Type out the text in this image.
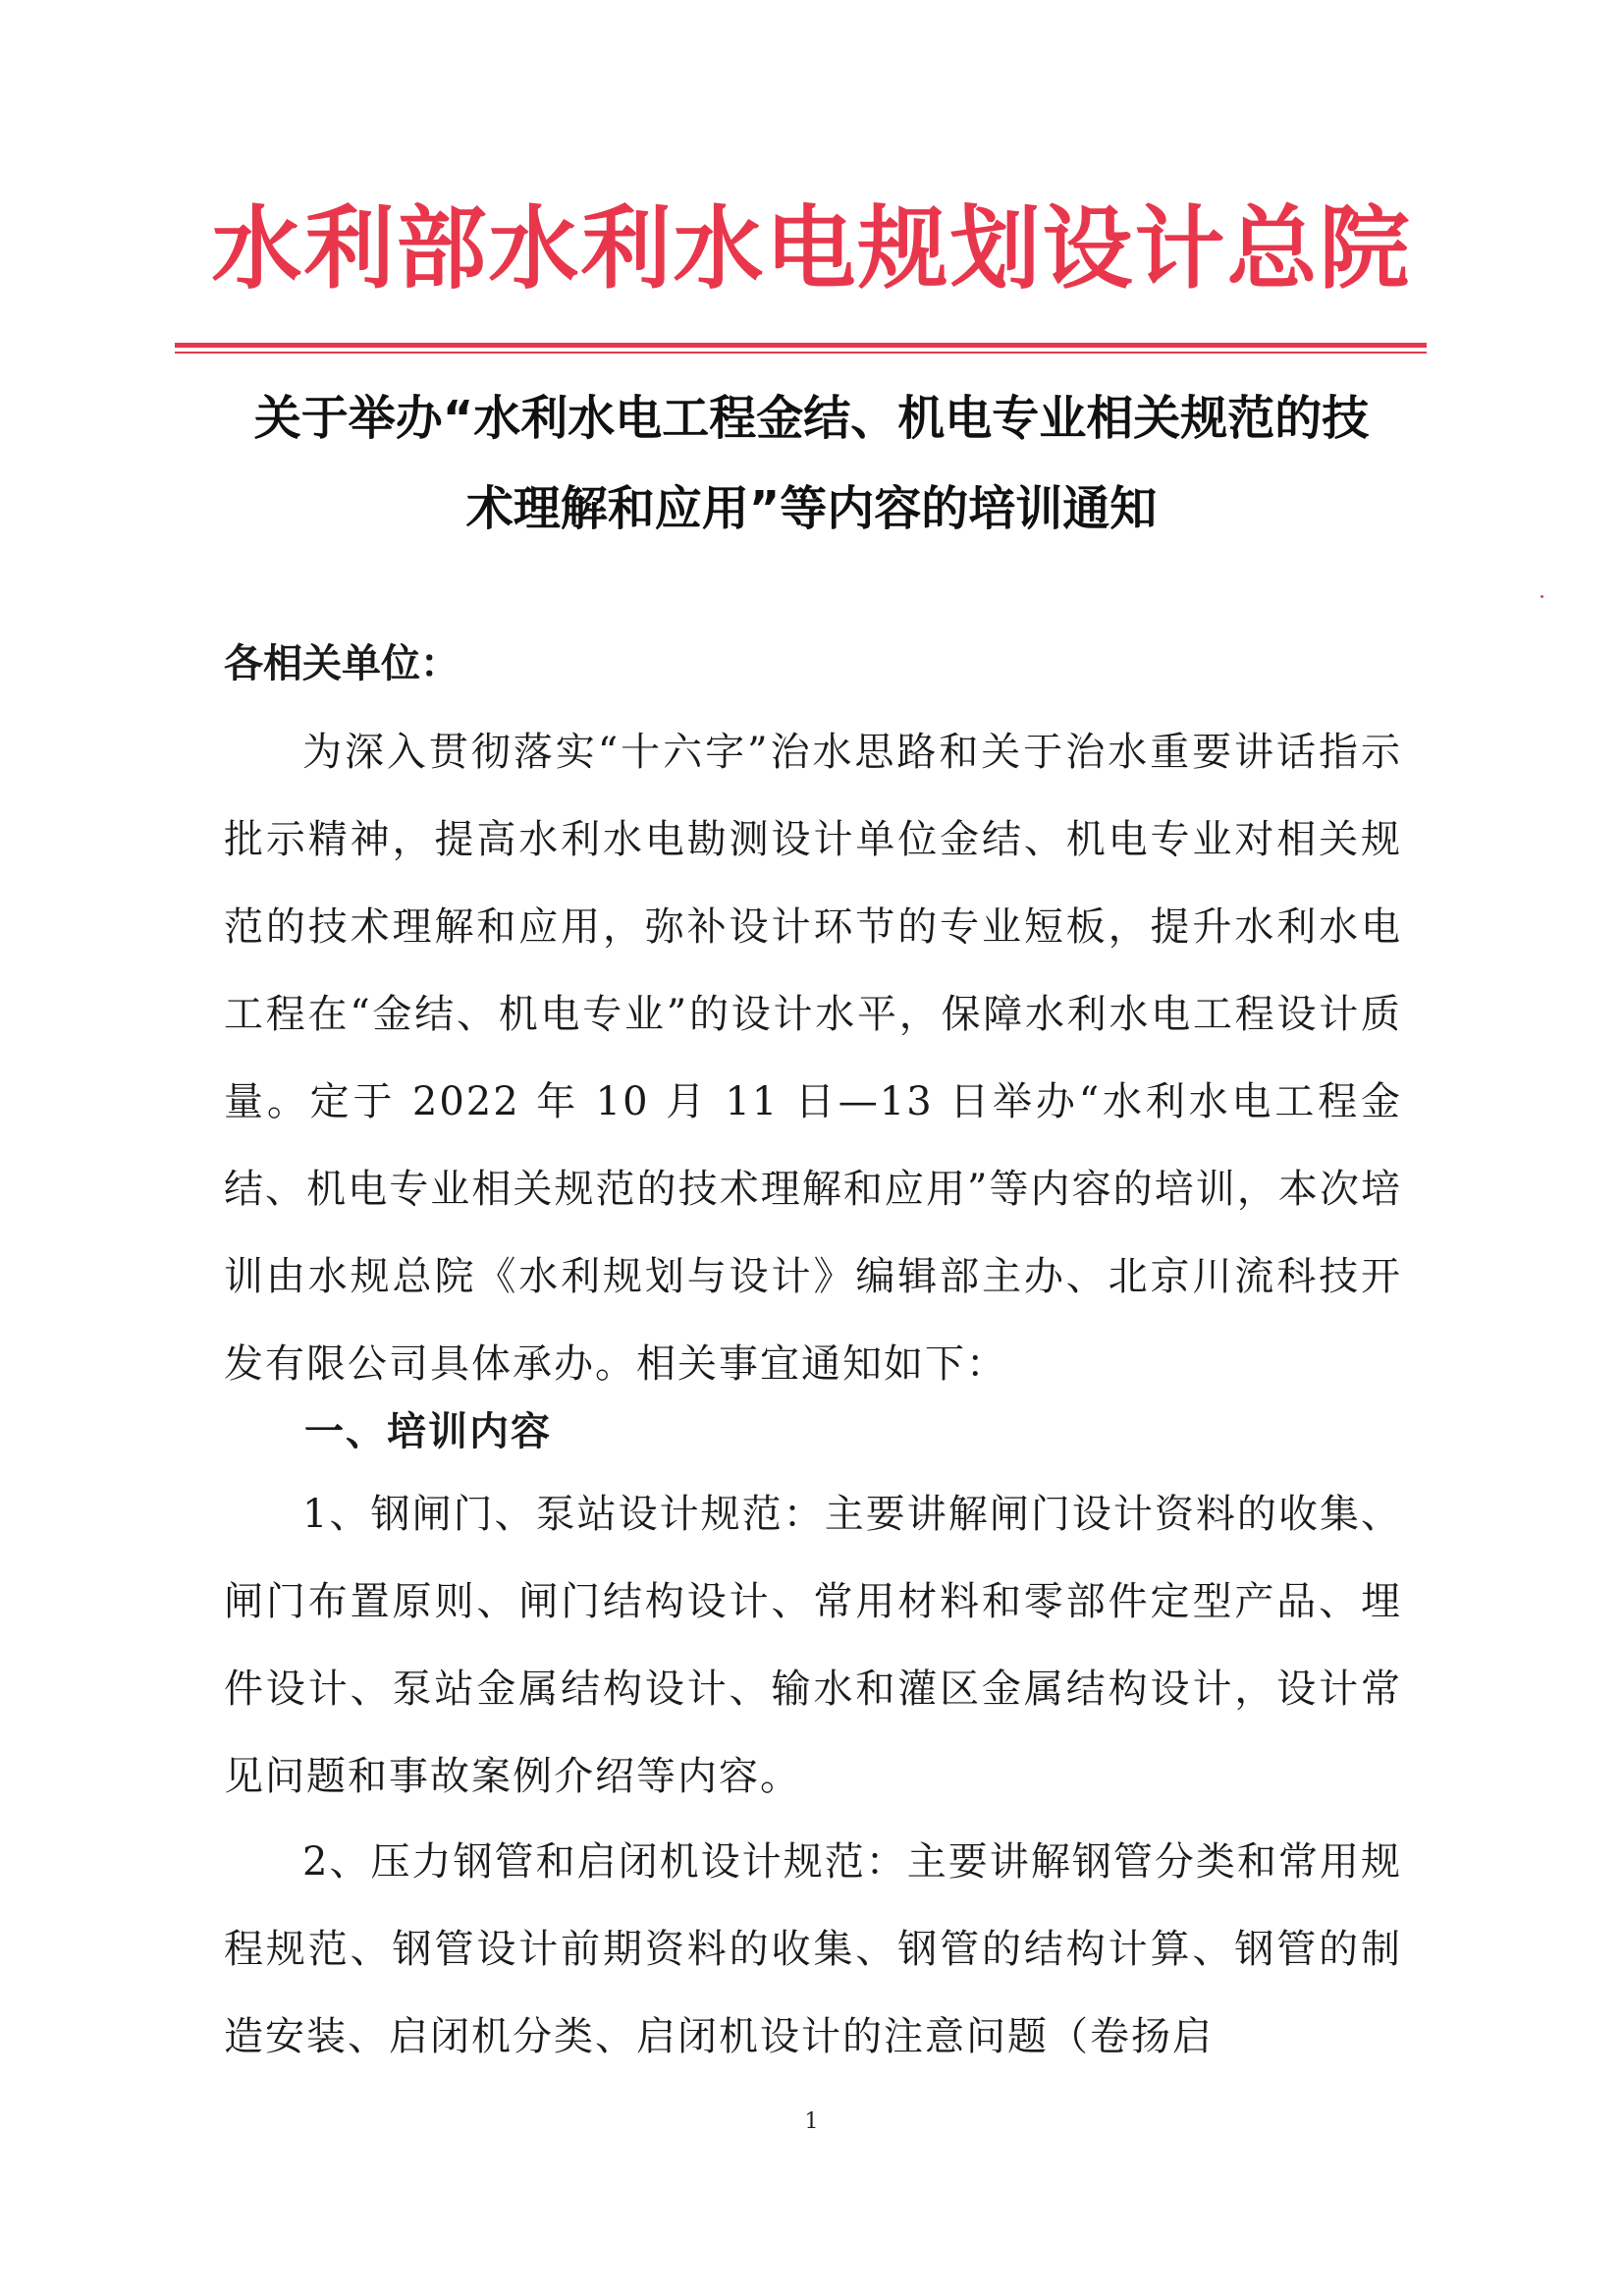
水利部水利水电规划设计总院
关于举办“水利水电工程金结、机电专业相关规范的技
术理解和应用”等内容的培训通知
各相关单位：

为深入贯彻落实“十六字”治水思路和关于治水重要讲话指示批示精神，提高水利水电勘测设计单位金结、机电专业对相关规范的技术理解和应用，弥补设计环节的专业短板，提升水利水电工程在“金结、机电专业”的设计水平，保障水利水电工程设计质量。定于 2022 年 10 月 11 日—13 日举办“水利水电工程金结、机电专业相关规范的技术理解和应用”等内容的培训，本次培训由水规总院《水利规划与设计》编辑部主办、北京川流科技开发有限公司具体承办。相关事宜通知如下：

一、培训内容

1、钢闸门、泵站设计规范：主要讲解闸门设计资料的收集、闸门布置原则、闸门结构设计、常用材料和零部件定型产品、埋件设计、泵站金属结构设计、输水和灌区金属结构设计，设计常见问题和事故案例介绍等内容。

2、压力钢管和启闭机设计规范：主要讲解钢管分类和常用规程规范、钢管设计前期资料的收集、钢管的结构计算、钢管的制造安装、启闭机分类、启闭机设计的注意问题（卷扬启

1
